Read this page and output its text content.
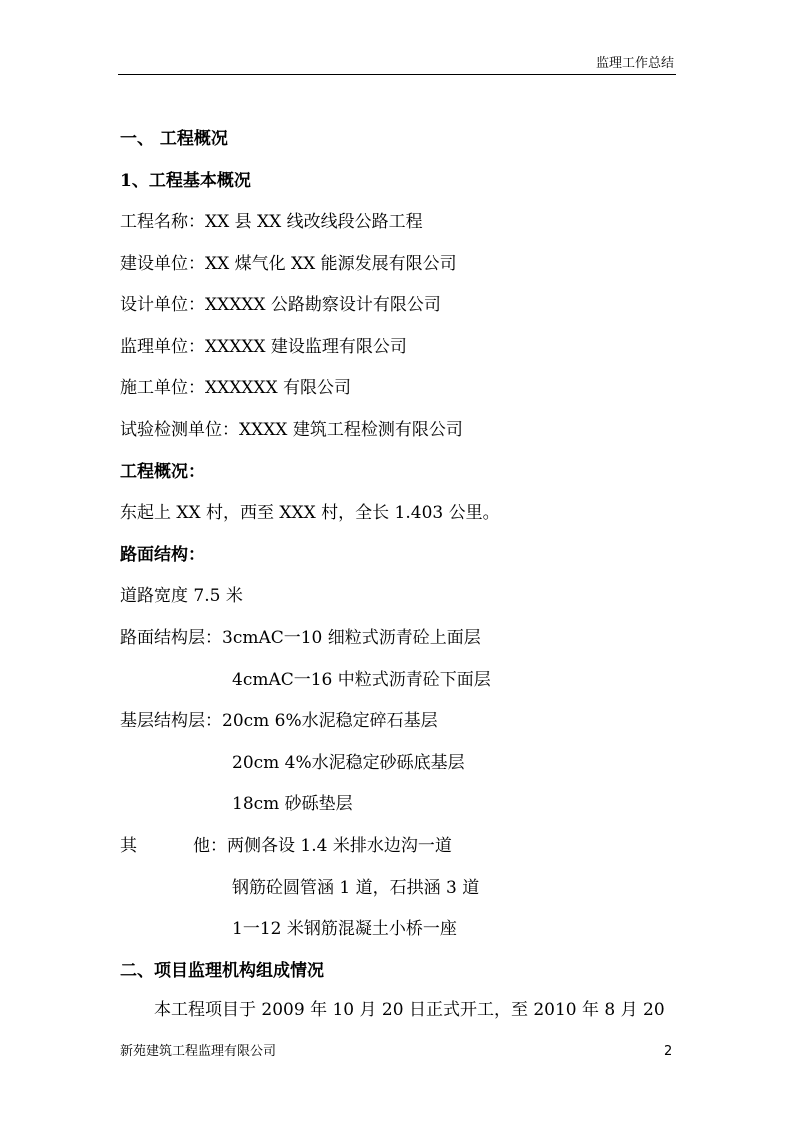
监理工作总结
一、 工程概况
1、工程基本概况
工程名称：XX 县 XX 线改线段公路工程
建设单位：XX 煤气化 XX 能源发展有限公司
设计单位：XXXXX 公路勘察设计有限公司
监理单位：XXXXX 建设监理有限公司
施工单位：XXXXXX 有限公司
试验检测单位：XXXX 建筑工程检测有限公司
工程概况：
东起上 XX 村，西至 XXX 村，全长 1.403 公里。
路面结构：
道路宽度 7.5 米
路面结构层：3cmAC一10 细粒式沥青砼上面层
4cmAC一16 中粒式沥青砼下面层
基层结构层：20cm 6%水泥稳定碎石基层
20cm 4%水泥稳定砂砾底基层
18cm 砂砾垫层
其	他：两侧各设 1.4 米排水边沟一道
钢筋砼圆管涵 1 道，石拱涵 3 道
1一12 米钢筋混凝土小桥一座
二、项目监理机构组成情况
本工程项目于 2009 年 10 月 20 日正式开工，至 2010 年 8 月 20
新苑建筑工程监理有限公司	2
